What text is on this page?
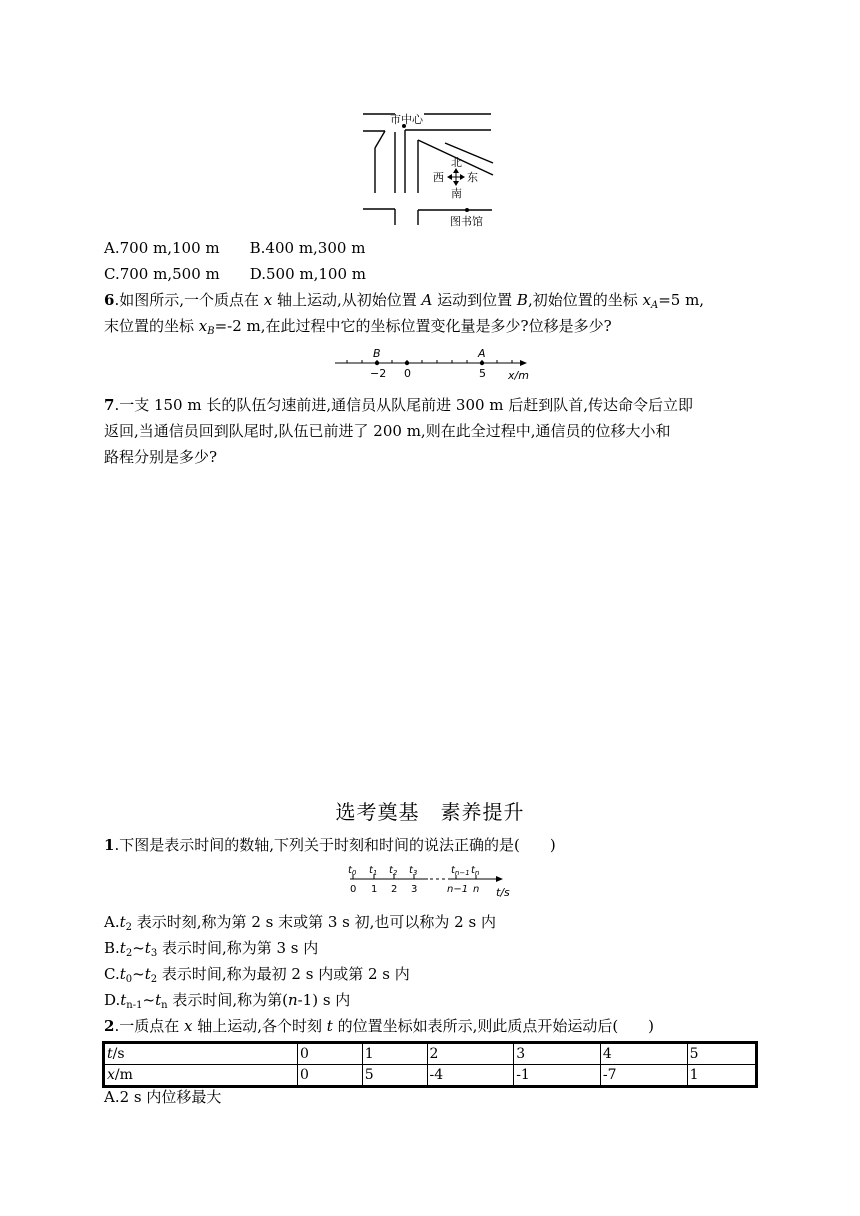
市中心
北
西 东
南
图书馆
A.700 m,100 m B.400 m,300 m
C.700 m,500 m D.500 m,100 m
6.如图所示,一个质点在 x 轴上运动,从初始位置 A 运动到位置 B,初始位置的坐标 $x_A=5$ m,
末位置的坐标 $x_B=-2$ m,在此过程中它的坐标位置变化量是多少?位移是多少?
B	A
−2 0	5 x/m
7.一支 150 m 长的队伍匀速前进,通信员从队尾前进 300 m 后赶到队首,传达命令后立即
返回,当通信员回到队尾时,队伍已前进了 200 m,则在此全过程中,通信员的位移大小和
路程分别是多少?
选考奠基　素养提升
1.下图是表示时间的数轴,下列关于时刻和时间的说法正确的是(　　)
$t_0$
0
$t_1$
1
$t_2$
2
$t_3$
3
$t_{n-1}$
n−1
$t_n$
n t/s
$A.t_2$ 表示时刻,称为第 2 s 末或第 3 s 初,也可以称为 2 s 内
$B.t_2\sim t_3$ 表示时间,称为第 3 s 内
$C.t_0\sim t_2$ 表示时间,称为最初 2 s 内或第 2 s 内
$D.t_{n-1}\sim t_n$ 表示时间,称为第(n-1) s 内
2.一质点在 x 轴上运动,各个时刻 t 的位置坐标如表所示,则此质点开始运动后(　　)
t/s	0	1	2	3	4	5
x/m	0	5	-4	-1	-7	1
A.2 s 内位移最大
